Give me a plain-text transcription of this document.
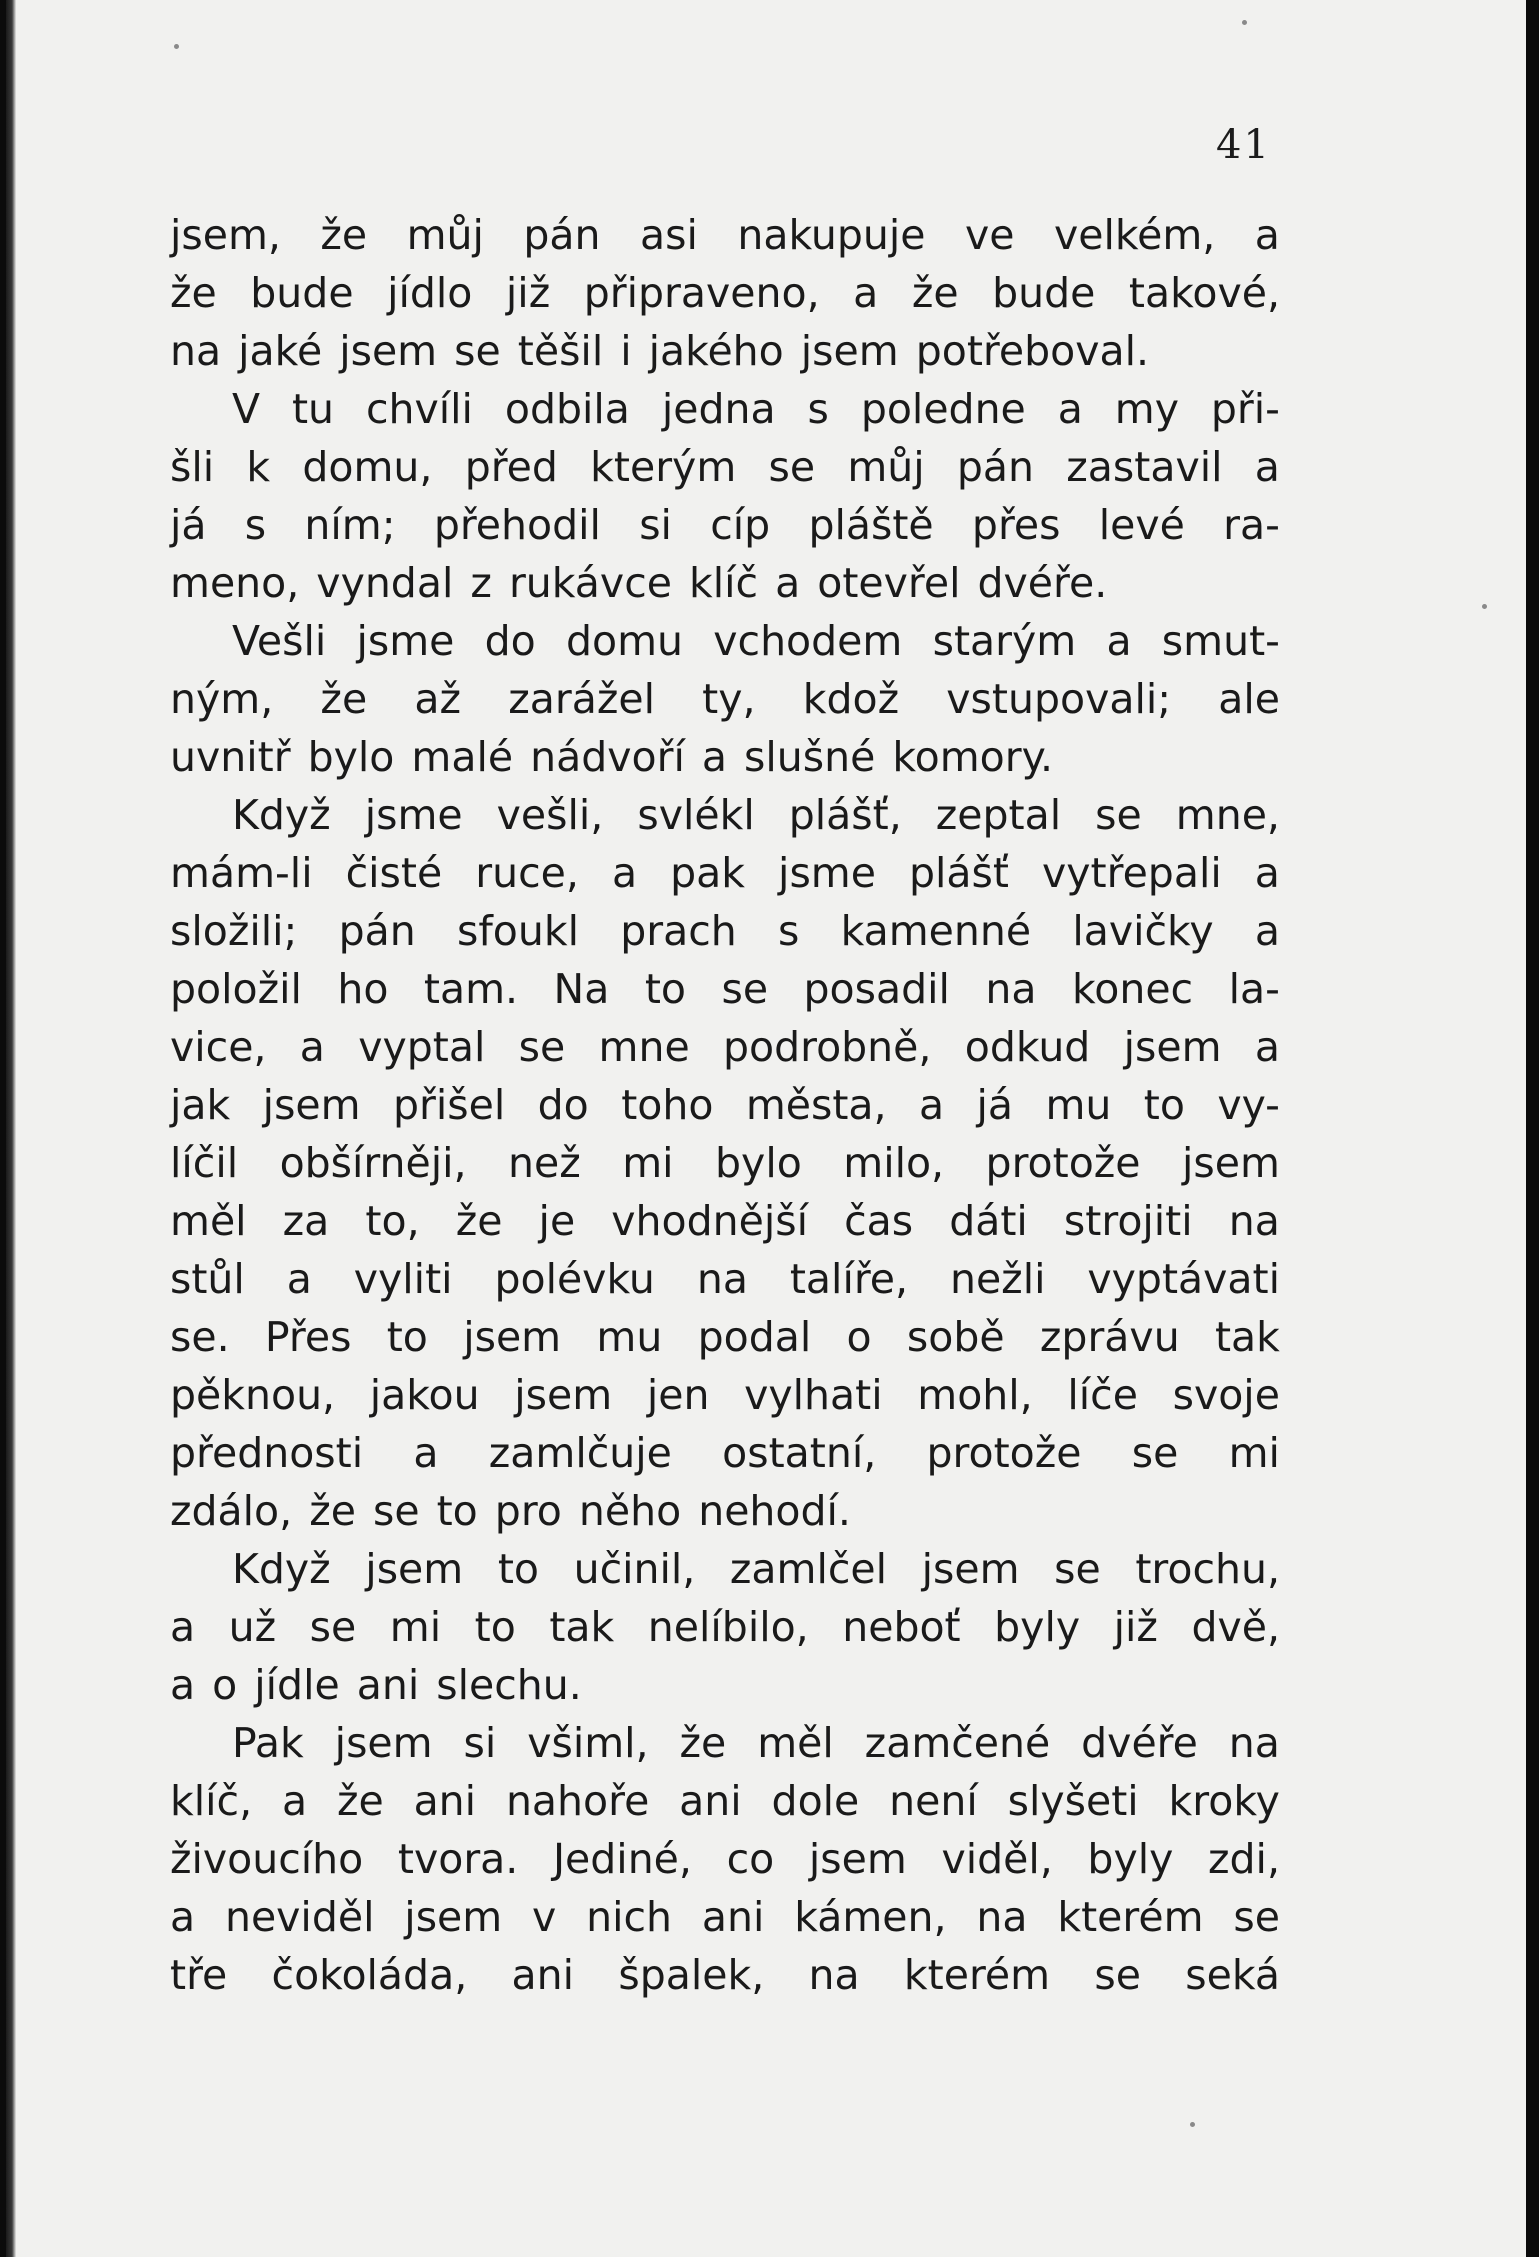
41
jsem, že můj pán asi nakupuje ve velkém, a
že bude jídlo již připraveno, a že bude takové,
na jaké jsem se těšil i jakého jsem potřeboval.
V tu chvíli odbila jedna s poledne a my při-
šli k domu, před kterým se můj pán zastavil a
já s ním; přehodil si cíp pláště přes levé ra-
meno, vyndal z rukávce klíč a otevřel dvéře.
Vešli jsme do domu vchodem starým a smut-
ným, že až zarážel ty, kdož vstupovali; ale
uvnitř bylo malé nádvoří a slušné komory.
Když jsme vešli, svlékl plášť, zeptal se mne,
mám-li čisté ruce, a pak jsme plášť vytřepali a
složili; pán sfoukl prach s kamenné lavičky a
položil ho tam. Na to se posadil na konec la-
vice, a vyptal se mne podrobně, odkud jsem a
jak jsem přišel do toho města, a já mu to vy-
líčil obšírněji, než mi bylo milo, protože jsem
měl za to, že je vhodnější čas dáti strojiti na
stůl a vyliti polévku na talíře, nežli vyptávati
se. Přes to jsem mu podal o sobě zprávu tak
pěknou, jakou jsem jen vylhati mohl, líče svoje
přednosti a zamlčuje ostatní, protože se mi
zdálo, že se to pro něho nehodí.
Když jsem to učinil, zamlčel jsem se trochu,
a už se mi to tak nelíbilo, neboť byly již dvě,
a o jídle ani slechu.
Pak jsem si všiml, že měl zamčené dvéře na
klíč, a že ani nahoře ani dole není slyšeti kroky
živoucího tvora. Jediné, co jsem viděl, byly zdi,
a neviděl jsem v nich ani kámen, na kterém se
tře čokoláda, ani špalek, na kterém se seká
